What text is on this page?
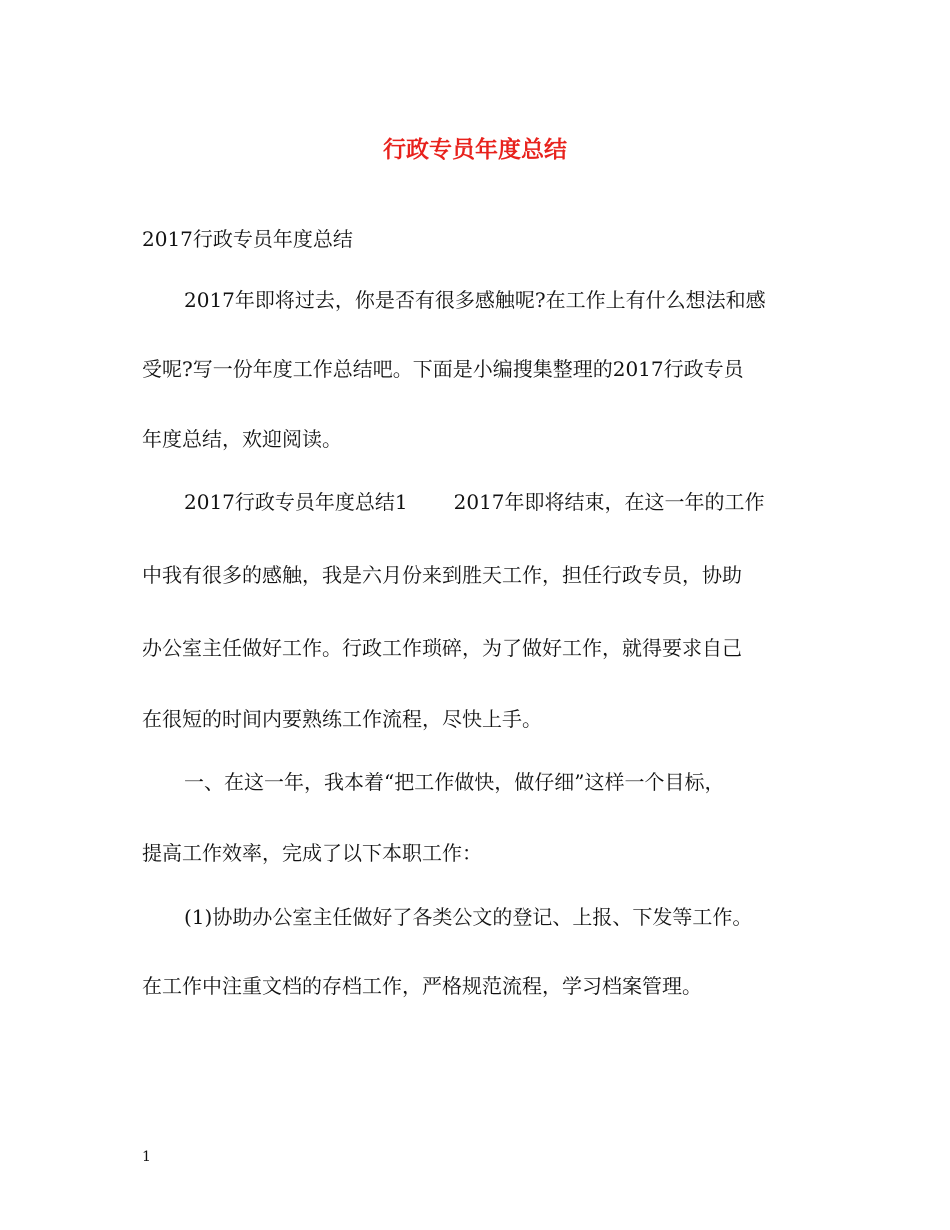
行政专员年度总结
2017行政专员年度总结
2017年即将过去，你是否有很多感触呢?在工作上有什么想法和感
受呢?写一份年度工作总结吧。下面是小编搜集整理的2017行政专员
年度总结，欢迎阅读。
2017行政专员年度总结1 2017年即将结束，在这一年的工作
中我有很多的感触，我是六月份来到胜天工作，担任行政专员，协助
办公室主任做好工作。行政工作琐碎，为了做好工作，就得要求自己
在很短的时间内要熟练工作流程，尽快上手。
一、在这一年，我本着“把工作做快，做仔细”这样一个目标，
提高工作效率，完成了以下本职工作：
(1)协助办公室主任做好了各类公文的登记、上报、下发等工作。
在工作中注重文档的存档工作，严格规范流程，学习档案管理。
1
